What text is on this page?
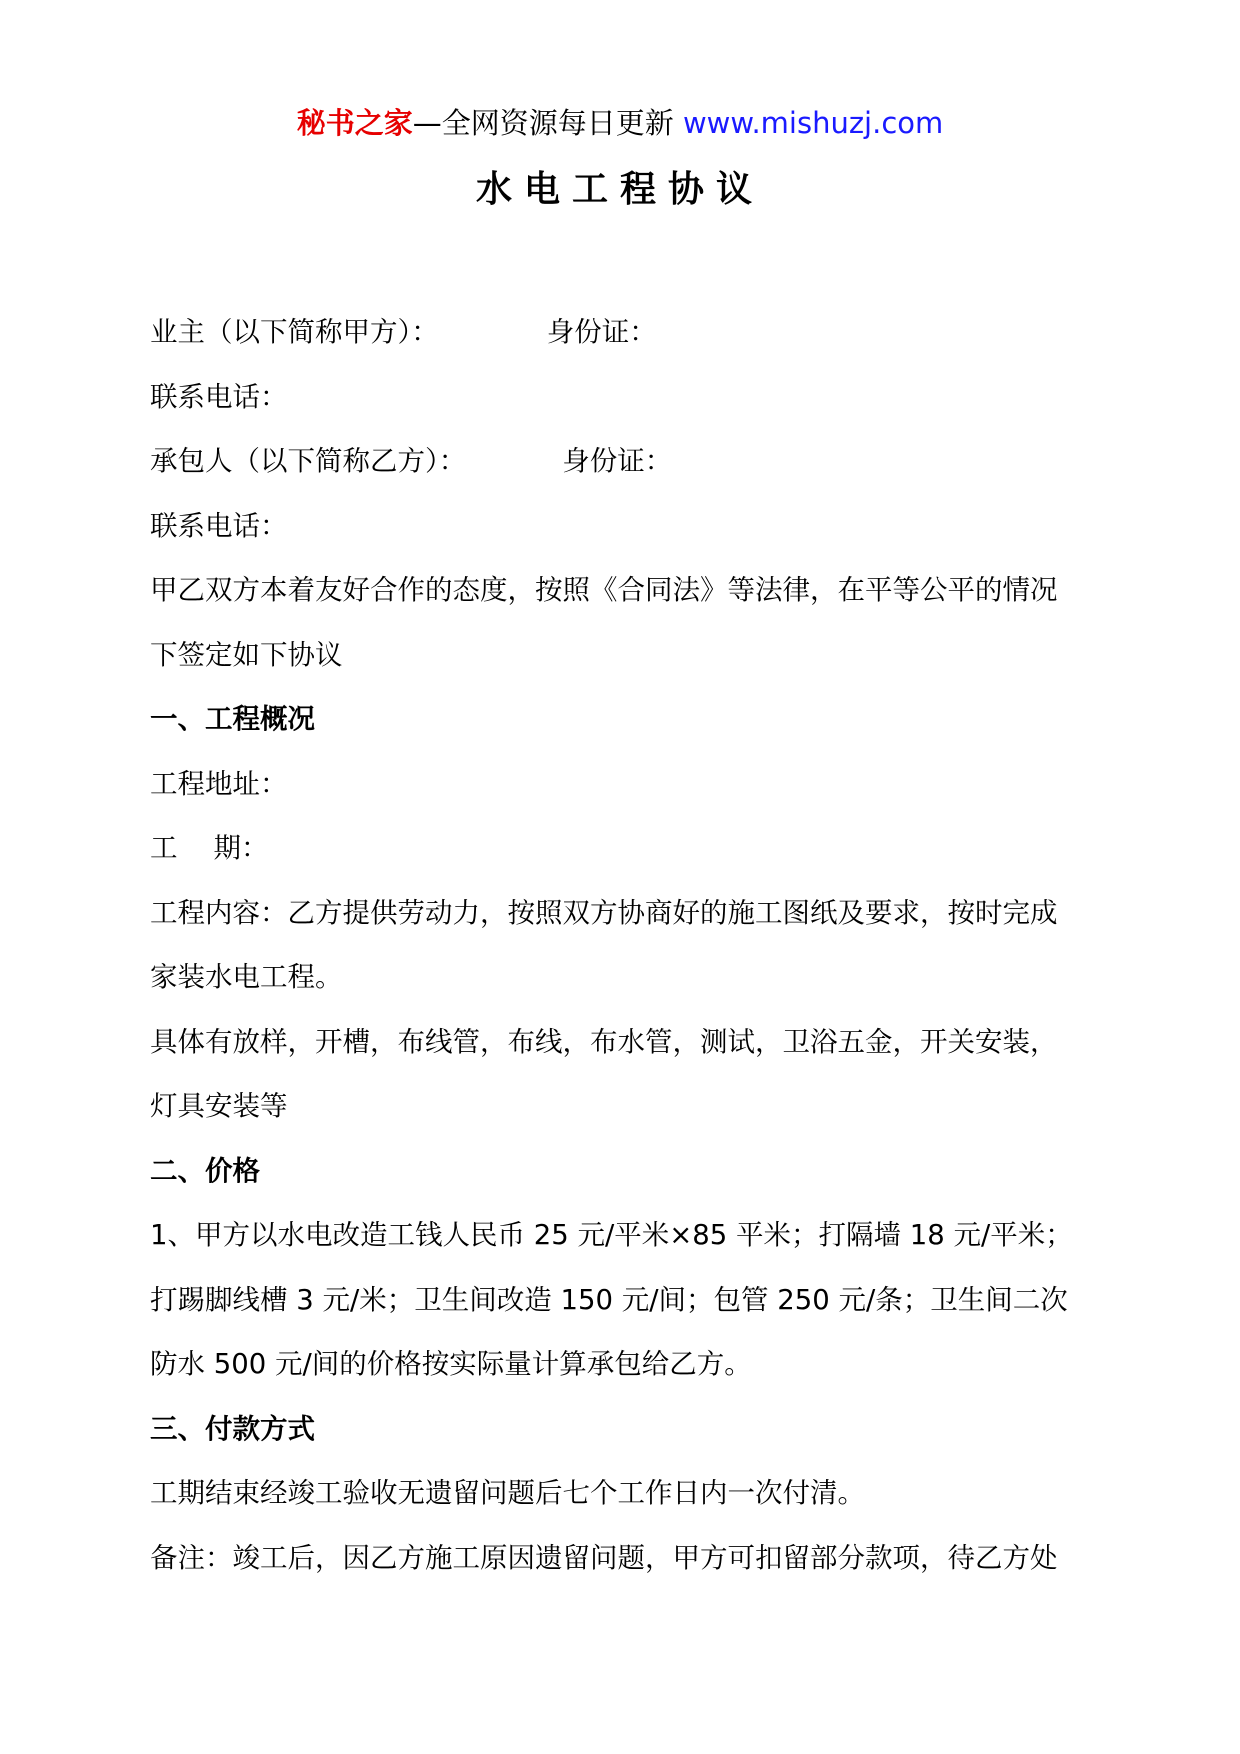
秘书之家—全网资源每日更新 www.mishuzj.com
水电工程协议
业主（以下简称甲方）：	身份证：
联系电话：
承包人（以下简称乙方）：	身份证：
联系电话：
甲乙双方本着友好合作的态度，按照《合同法》等法律，在平等公平的情况
下签定如下协议
一、工程概况
工程地址：
工 期：
工程内容：乙方提供劳动力，按照双方协商好的施工图纸及要求，按时完成
家装水电工程。
具体有放样，开槽，布线管，布线，布水管，测试，卫浴五金，开关安装，
灯具安装等
二、价格
1、甲方以水电改造工钱人民币 25 元/平米×85 平米；打隔墙 18 元/平米；
打踢脚线槽 3 元/米；卫生间改造 150 元/间；包管 250 元/条；卫生间二次
防水 500 元/间的价格按实际量计算承包给乙方。
三、付款方式
工期结束经竣工验收无遗留问题后七个工作日内一次付清。
备注：竣工后，因乙方施工原因遗留问题，甲方可扣留部分款项，待乙方处
